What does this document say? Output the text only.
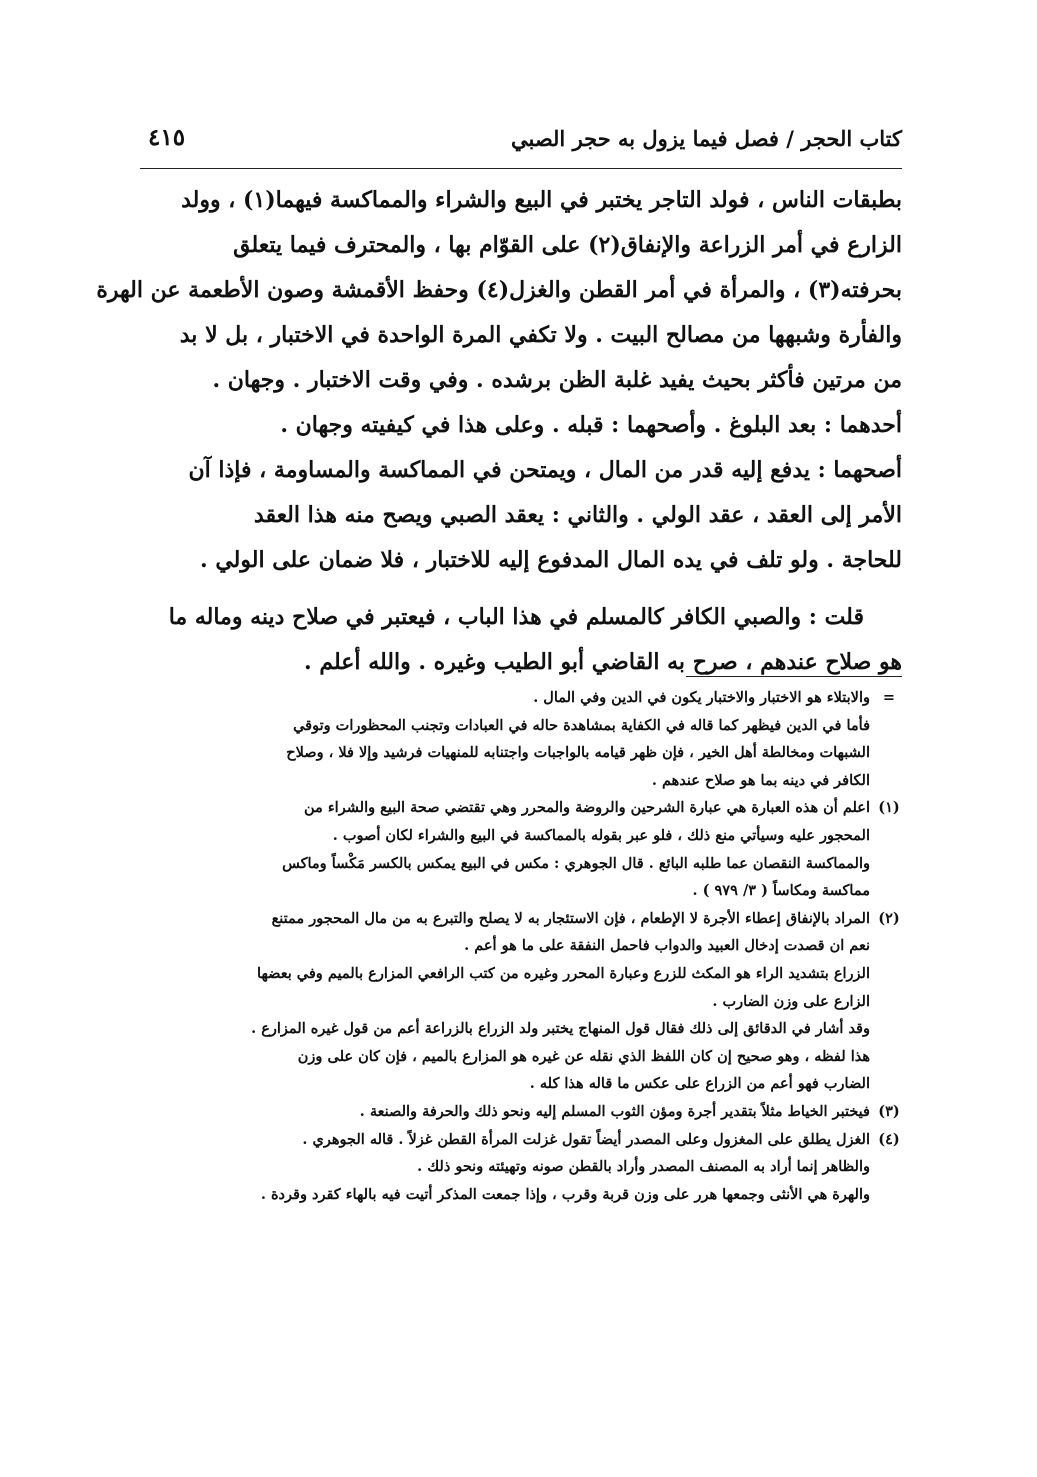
كتاب الحجر / فصل فيما يزول به حجر الصبي
٤١٥
بطبقات الناس ، فولد التاجر يختبر في البيع والشراء والمماكسة فيهما(١) ، وولد
الزارع في أمر الزراعة والإنفاق(٢) على القوّام بها ، والمحترف فيما يتعلق
بحرفته(٣) ، والمرأة في أمر القطن والغزل(٤) وحفظ الأقمشة وصون الأطعمة عن الهرة
والفأرة وشبهها من مصالح البيت . ولا تكفي المرة الواحدة في الاختبار ، بل لا بد
من مرتين فأكثر بحيث يفيد غلبة الظن برشده . وفي وقت الاختبار . وجهان .
أحدهما : بعد البلوغ . وأصحهما : قبله . وعلى هذا في كيفيته وجهان .
أصحهما : يدفع إليه قدر من المال ، ويمتحن في المماكسة والمساومة ، فإذا آن
الأمر إلى العقد ، عقد الولي . والثاني : يعقد الصبي ويصح منه هذا العقد
للحاجة . ولو تلف في يده المال المدفوع إليه للاختبار ، فلا ضمان على الولي .
قلت : والصبي الكافر كالمسلم في هذا الباب ، فيعتبر في صلاح دينه وماله ما
هو صلاح عندهم ، صرح به القاضي أبو الطيب وغيره . والله أعلم .
=
والابتلاء هو الاختبار والاختبار يكون في الدين وفي المال .
فأما في الدين فيظهر كما قاله في الكفاية بمشاهدة حاله في العبادات وتجنب المحظورات وتوقي
الشبهات ومخالطة أهل الخير ، فإن ظهر قيامه بالواجبات واجتنابه للمنهيات فرشيد وإلا فلا ، وصلاح
الكافر في دينه بما هو صلاح عندهم .
(١)
اعلم أن هذه العبارة هي عبارة الشرحين والروضة والمحرر وهي تقتضي صحة البيع والشراء من
المحجور عليه وسيأتي منع ذلك ، فلو عبر بقوله بالمماكسة في البيع والشراء لكان أصوب .
والمماكسة النقصان عما طلبه البائع . قال الجوهري : مكس في البيع يمكس بالكسر مَكْساً وماكس
مماكسة ومكاساً ( ٣/ ٩٧٩ ) .
(٢)
المراد بالإنفاق إعطاء الأجرة لا الإطعام ، فإن الاستئجار به لا يصلح والتبرع به من مال المحجور ممتنع
نعم ان قصدت إدخال العبيد والدواب فاحمل النفقة على ما هو أعم .
الزراع بتشديد الراء هو المكث للزرع وعبارة المحرر وغيره من كتب الرافعي المزارع بالميم وفي بعضها
الزارع على وزن الضارب .
وقد أشار في الدقائق إلى ذلك فقال قول المنهاج يختبر ولد الزراع بالزراعة أعم من قول غيره المزارع .
هذا لفظه ، وهو صحيح إن كان اللفظ الذي نقله عن غيره هو المزارع بالميم ، فإن كان على وزن
الضارب فهو أعم من الزراع على عكس ما قاله هذا كله .
(٣)
فيختبر الخياط مثلاً بتقدير أجرة ومؤن الثوب المسلم إليه ونحو ذلك والحرفة والصنعة .
(٤)
الغزل يطلق على المغزول وعلى المصدر أيضاً تقول غزلت المرأة القطن غزلاً . قاله الجوهري .
والظاهر إنما أراد به المصنف المصدر وأراد بالقطن صونه وتهيئته ونحو ذلك .
والهرة هي الأنثى وجمعها هرر على وزن قربة وقرب ، وإذا جمعت المذكر أتيت فيه بالهاء كقرد وقردة .
